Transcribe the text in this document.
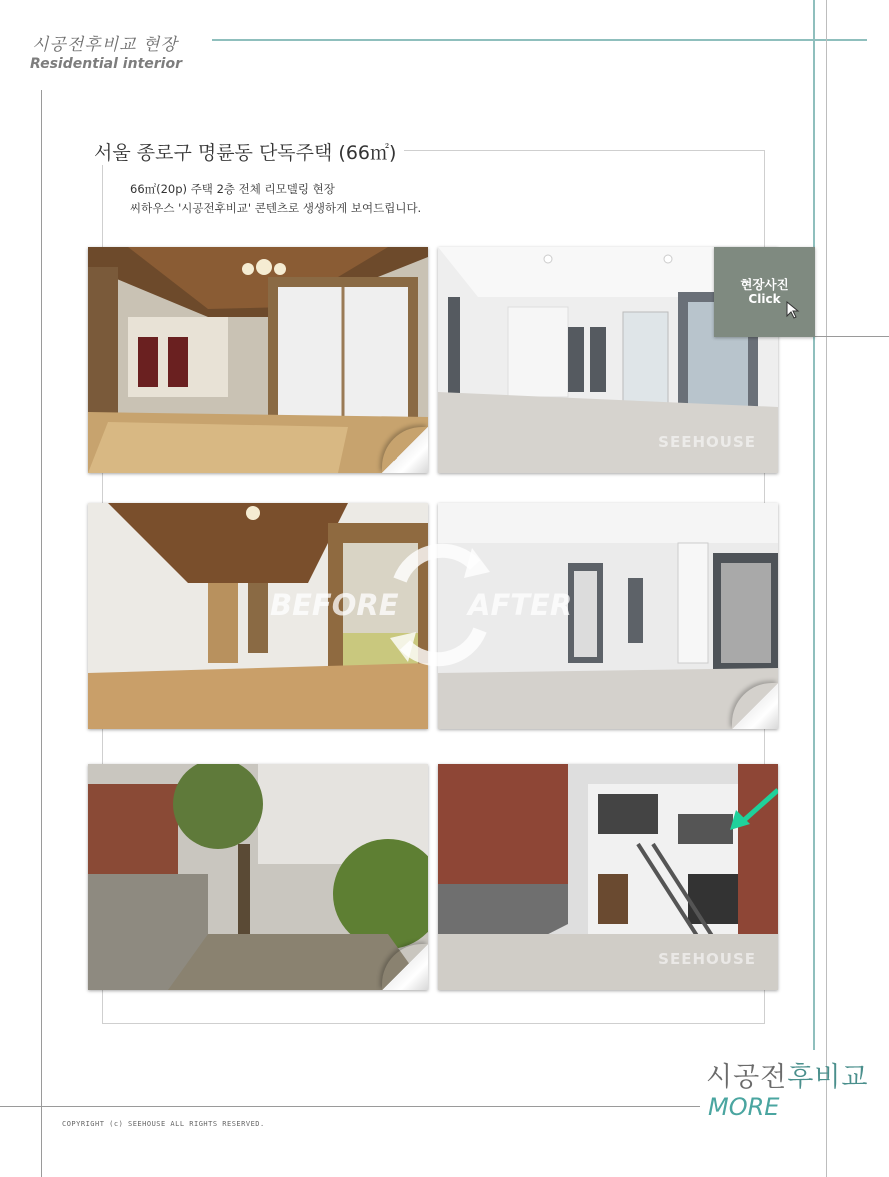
시공전후비교 현장
Residential interior
서울 종로구 명륜동 단독주택 (66㎡)
66㎡(20p) 주택 2층 전체 리모델링 현장
씨하우스 '시공전후비교' 콘텐츠로 생생하게 보여드립니다.
SEEHOUSE
현장사진
Click
BEFORE AFTER
SEEHOUSE
시공전후비교
MORE
COPYRIGHT (c) SEEHOUSE ALL RIGHTS RESERVED.
